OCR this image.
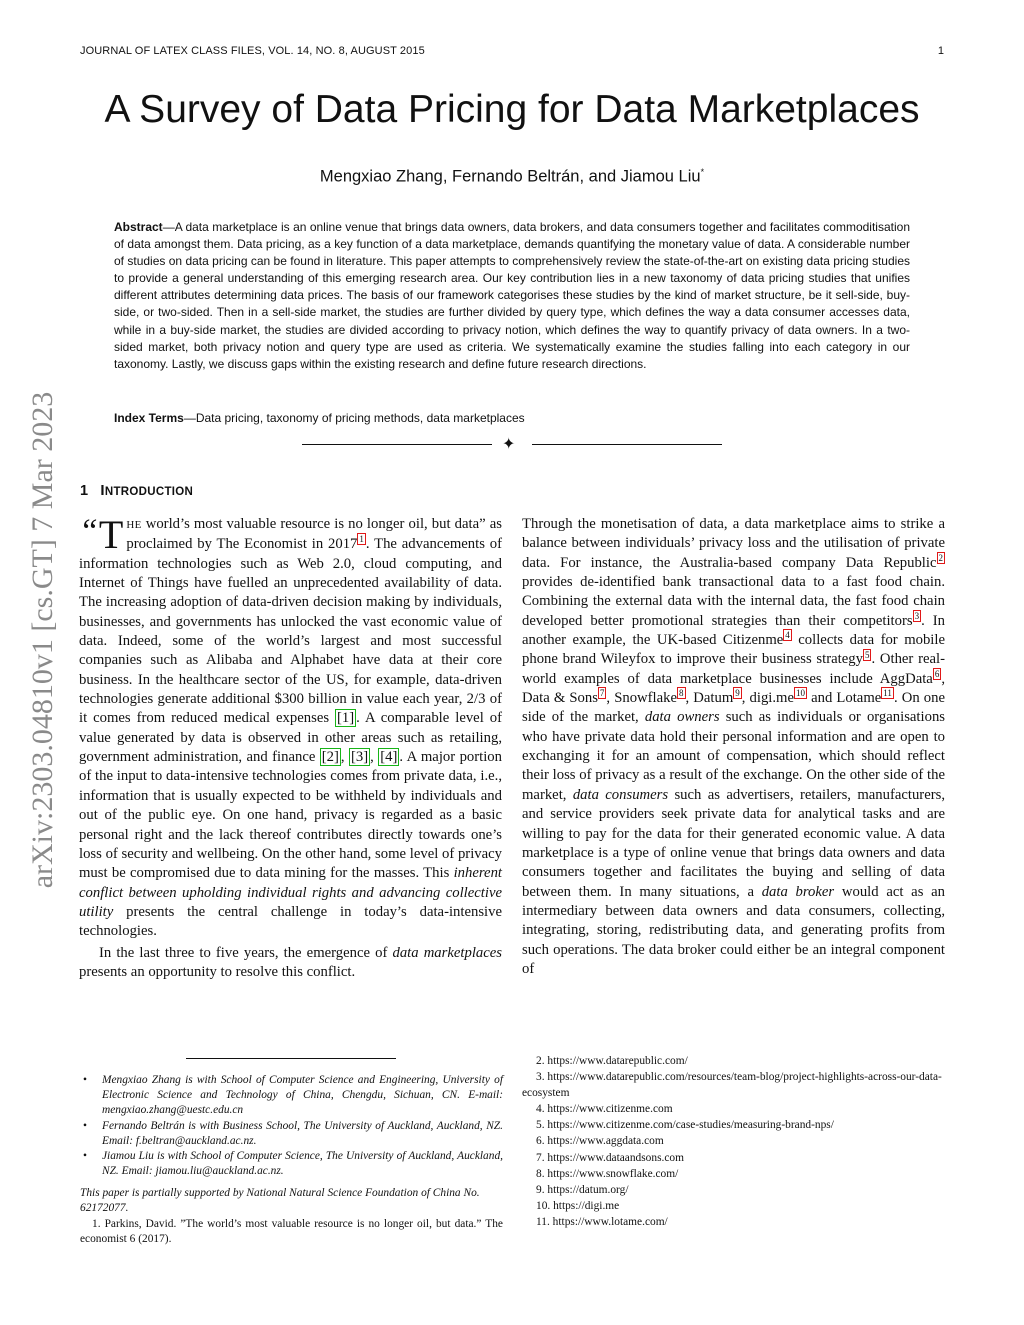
JOURNAL OF LATEX CLASS FILES, VOL. 14, NO. 8, AUGUST 2015	1
arXiv:2303.04810v1 [cs.GT] 7 Mar 2023
A Survey of Data Pricing for Data Marketplaces
Mengxiao Zhang, Fernando Beltrán, and Jiamou Liu*
Abstract—A data marketplace is an online venue that brings data owners, data brokers, and data consumers together and facilitates commoditisation of data amongst them. Data pricing, as a key function of a data marketplace, demands quantifying the monetary value of data. A considerable number of studies on data pricing can be found in literature. This paper attempts to comprehensively review the state-of-the-art on existing data pricing studies to provide a general understanding of this emerging research area. Our key contribution lies in a new taxonomy of data pricing studies that unifies different attributes determining data prices. The basis of our framework categorises these studies by the kind of market structure, be it sell-side, buy-side, or two-sided. Then in a sell-side market, the studies are further divided by query type, which defines the way a data consumer accesses data, while in a buy-side market, the studies are divided according to privacy notion, which defines the way to quantify privacy of data owners. In a two-sided market, both privacy notion and query type are used as criteria. We systematically examine the studies falling into each category in our taxonomy. Lastly, we discuss gaps within the existing research and define future research directions.
Index Terms—Data pricing, taxonomy of pricing methods, data marketplaces
✦
1 INTRODUCTION

“ T HE world’s most valuable resource is no longer oil, but data” as proclaimed by The Economist in 2017 $^1$ . The advancements of information technologies such as Web 2.0, cloud computing, and Internet of Things have fuelled an unprecedented availability of data. The increasing adoption of data-driven decision making by individuals, businesses, and governments has unlocked the vast economic value of data. Indeed, some of the world’s largest and most successful companies such as Alibaba and Alphabet have data at their core business. In the healthcare sector of the US, for example, data-driven technologies generate additional $300 billion in value each year, 2/3 of it comes from reduced medical expenses [1] . A comparable level of value generated by data is observed in other areas such as retailing, government administration, and finance [2] , [3] , [4] . A major portion of the input to data-intensive technologies comes from private data, i.e., information that is usually expected to be withheld by individuals and out of the public eye. On one hand, privacy is regarded as a basic personal right and the lack thereof contributes directly towards one’s loss of security and wellbeing. On the other hand, some level of privacy must be compromised due to data mining for the masses. This inherent conflict between upholding individual rights and advancing collective utility presents the central challenge in today’s data-intensive technologies.

In the last three to five years, the emergence of data marketplaces presents an opportunity to resolve this conflict.

Through the monetisation of data, a data marketplace aims to strike a balance between individuals’ privacy loss and the utilisation of private data. For instance, the Australia-based company Data Republic $^2$ provides de-identified bank transactional data to a fast food chain. Combining the external data with the internal data, the fast food chain developed better promotional strategies than their competitors $^3$ . In another example, the UK-based Citizenme $^4$ collects data for mobile phone brand Wileyfox to improve their business strategy $^5$ . Other real-world examples of data marketplace businesses include AggData $^6$ , Data & Sons $^7$ , Snowflake $^8$ , Datum $^9$ , digi.me $^{10}$ and Lotame $^{11}$ . On one side of the market, data owners such as individuals or organisations who have private data hold their personal information and are open to exchanging it for an amount of compensation, which should reflect their loss of privacy as a result of the exchange. On the other side of the market, data consumers such as advertisers, retailers, manufacturers, and service providers seek private data for analytical tasks and are willing to pay for the data for their generated economic value. A data marketplace is a type of online venue that brings data owners and data consumers together and facilitates the buying and selling of data between them. In many situations, a data broker would act as an intermediary between data owners and data consumers, collecting, integrating, storing, redistributing data, and generating profits from such operations. The data broker could either be an integral component of

• Mengxiao Zhang is with School of Computer Science and Engineering, University of Electronic Science and Technology of China, Chengdu, Sichuan, CN. E-mail: mengxiao.zhang@uestc.edu.cn
• Fernando Beltrán is with Business School, The University of Auckland, Auckland, NZ. Email: f.beltran@auckland.ac.nz.
• Jiamou Liu is with School of Computer Science, The University of Auckland, Auckland, NZ. Email: jiamou.liu@auckland.ac.nz.
This paper is partially supported by National Natural Science Foundation of China No. 62172077.
1. Parkins, David. ”The world’s most valuable resource is no longer oil, but data.” The economist 6 (2017).
2. https://www.datarepublic.com/
3. https://www.datarepublic.com/resources/team-blog/project-highlights-across-our-data-ecosystem
4. https://www.citizenme.com
5. https://www.citizenme.com/case-studies/measuring-brand-nps/
6. https://www.aggdata.com
7. https://www.dataandsons.com
8. https://www.snowflake.com/
9. https://datum.org/
10. https://digi.me
11. https://www.lotame.com/
